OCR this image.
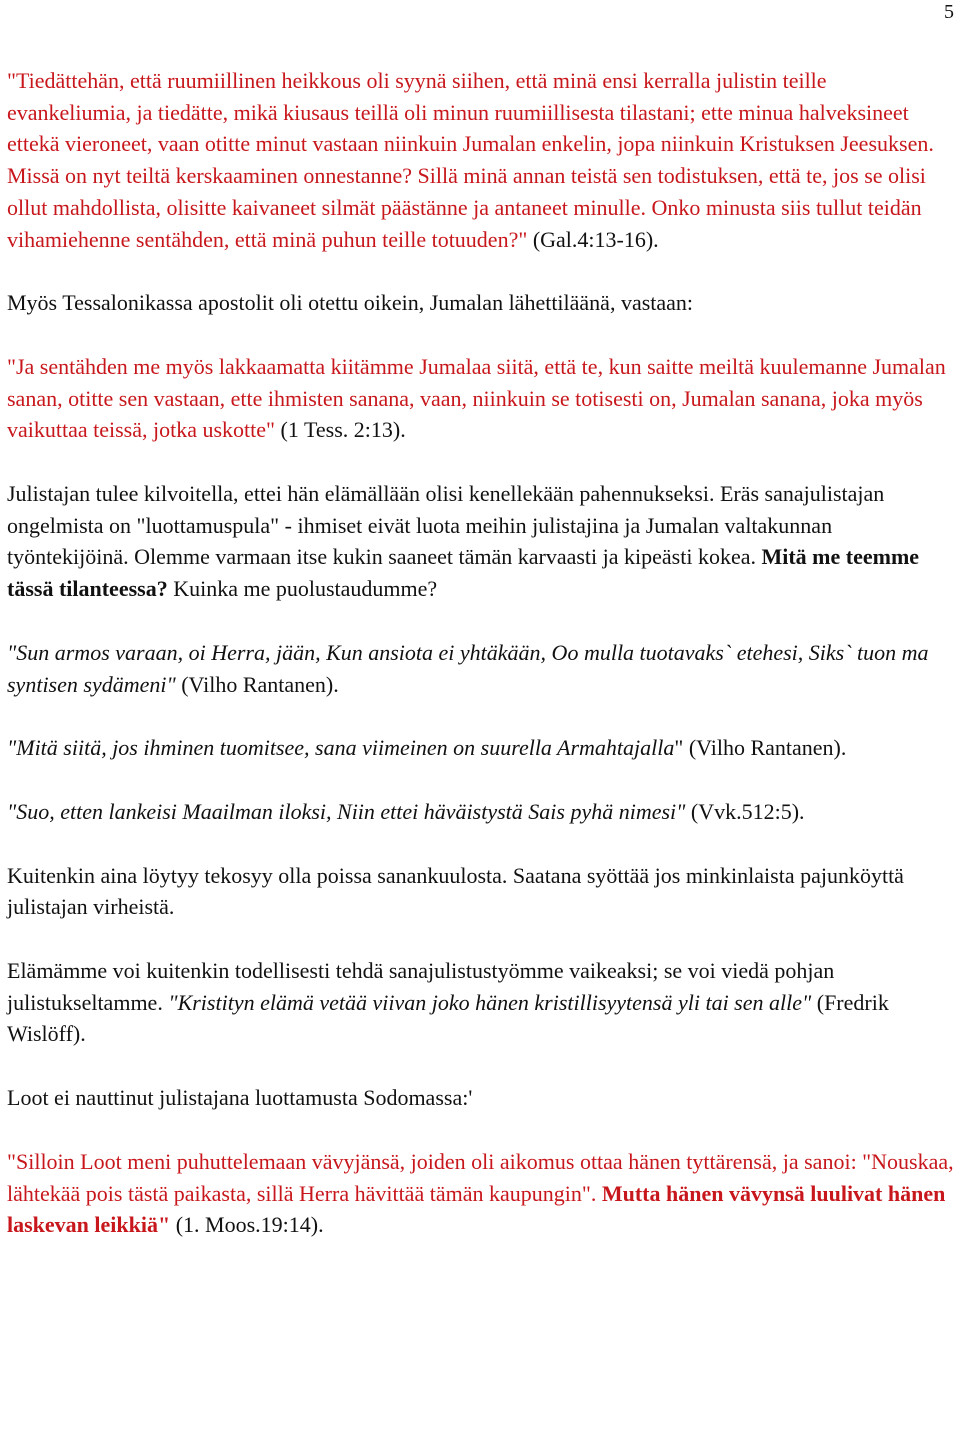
5

"Tiedättehän, että ruumiillinen heikkous oli syynä siihen, että minä ensi kerralla julistin teille evankeliumia, ja tiedätte, mikä kiusaus teillä oli minun ruumiillisesta tilastani; ette minua halveksineet ettekä vieroneet, vaan otitte minut vastaan niinkuin Jumalan enkelin, jopa niinkuin Kristuksen Jeesuksen. Missä on nyt teiltä kerskaaminen onnestanne? Sillä minä annan teistä sen todistuksen, että te, jos se olisi ollut mahdollista, olisitte kaivaneet silmät päästänne ja antaneet minulle. Onko minusta siis tullut teidän vihamiehenne sentähden, että minä puhun teille totuuden?" (Gal.4:13-16).

Myös Tessalonikassa apostolit oli otettu oikein, Jumalan lähettiläänä, vastaan:

"Ja sentähden me myös lakkaamatta kiitämme Jumalaa siitä, että te, kun saitte meiltä kuulemanne Jumalan sanan, otitte sen vastaan, ette ihmisten sanana, vaan, niinkuin se totisesti on, Jumalan sanana, joka myös vaikuttaa teissä, jotka uskotte" (1 Tess. 2:13).

Julistajan tulee kilvoitella, ettei hän elämällään olisi kenellekään pahennukseksi. Eräs sanajulistajan ongelmista on "luottamuspula" - ihmiset eivät luota meihin julistajina ja Jumalan valtakunnan työntekijöinä. Olemme varmaan itse kukin saaneet tämän karvaasti ja kipeästi kokea. Mitä me teemme tässä tilanteessa? Kuinka me puolustaudumme?

"Sun armos varaan, oi Herra, jään, Kun ansiota ei yhtäkään, Oo mulla tuotavaks` etehesi, Siks` tuon ma syntisen sydämeni" (Vilho Rantanen).

"Mitä siitä, jos ihminen tuomitsee, sana viimeinen on suurella Armahtajalla" (Vilho Rantanen).

"Suo, etten lankeisi Maailman iloksi, Niin ettei häväistystä Sais pyhä nimesi" (Vvk.512:5).

Kuitenkin aina löytyy tekosyy olla poissa sanankuulosta. Saatana syöttää jos minkinlaista pajunköyttä julistajan virheistä.

Elämämme voi kuitenkin todellisesti tehdä sanajulistustyömme vaikeaksi; se voi viedä pohjan julistukseltamme. "Kristityn elämä vetää viivan joko hänen kristillisyytensä yli tai sen alle" (Fredrik Wislöff).

Loot ei nauttinut julistajana luottamusta Sodomassa:'

"Silloin Loot meni puhuttelemaan vävyjänsä, joiden oli aikomus ottaa hänen tyttärensä, ja sanoi: "Nouskaa, lähtekää pois tästä paikasta, sillä Herra hävittää tämän kaupungin". Mutta hänen vävynsä luulivat hänen laskevan leikkiä" (1. Moos.19:14).
